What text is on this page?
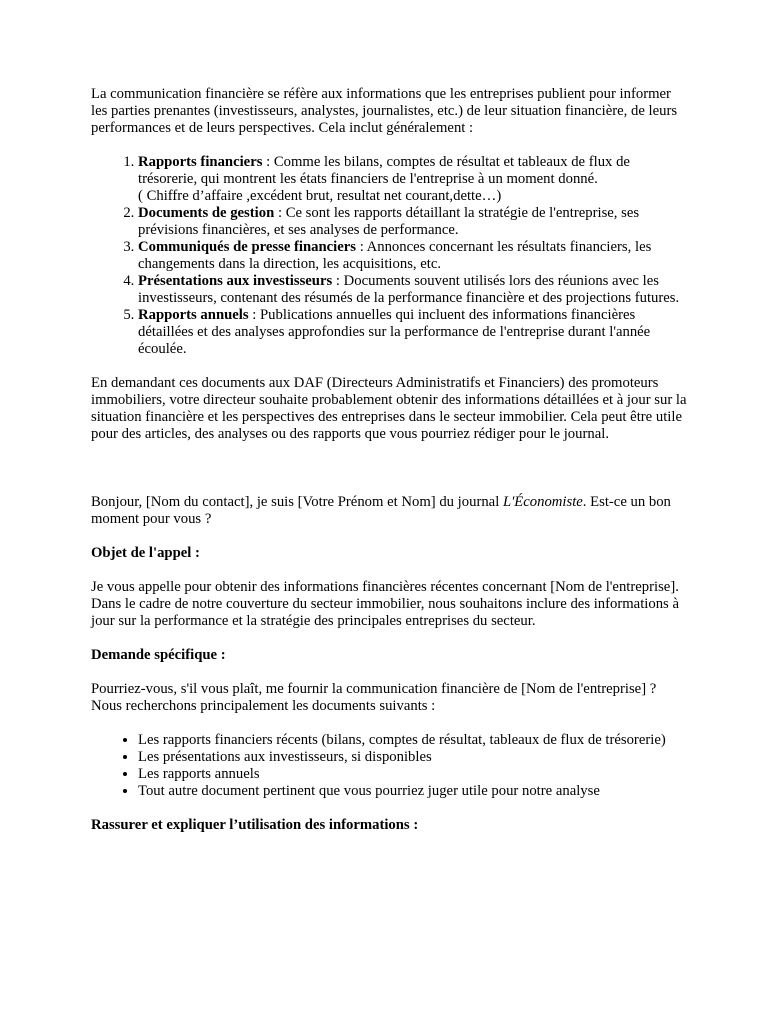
La communication financière se réfère aux informations que les entreprises publient pour informer les parties prenantes (investisseurs, analystes, journalistes, etc.) de leur situation financière, de leurs performances et de leurs perspectives. Cela inclut généralement :

1. Rapports financiers : Comme les bilans, comptes de résultat et tableaux de flux de trésorerie, qui montrent les états financiers de l'entreprise à un moment donné.
( Chiffre d’affaire ,excédent brut, resultat net courant,dette…)
2. Documents de gestion : Ce sont les rapports détaillant la stratégie de l'entreprise, ses prévisions financières, et ses analyses de performance.
3. Communiqués de presse financiers : Annonces concernant les résultats financiers, les changements dans la direction, les acquisitions, etc.
4. Présentations aux investisseurs : Documents souvent utilisés lors des réunions avec les investisseurs, contenant des résumés de la performance financière et des projections futures.
5. Rapports annuels : Publications annuelles qui incluent des informations financières détaillées et des analyses approfondies sur la performance de l'entreprise durant l'année écoulée.

En demandant ces documents aux DAF (Directeurs Administratifs et Financiers) des promoteurs immobiliers, votre directeur souhaite probablement obtenir des informations détaillées et à jour sur la situation financière et les perspectives des entreprises dans le secteur immobilier. Cela peut être utile pour des articles, des analyses ou des rapports que vous pourriez rédiger pour le journal.

Bonjour, [Nom du contact], je suis [Votre Prénom et Nom] du journal L'Économiste. Est-ce un bon moment pour vous ?

Objet de l'appel :

Je vous appelle pour obtenir des informations financières récentes concernant [Nom de l'entreprise]. Dans le cadre de notre couverture du secteur immobilier, nous souhaitons inclure des informations à jour sur la performance et la stratégie des principales entreprises du secteur.

Demande spécifique :

Pourriez-vous, s'il vous plaît, me fournir la communication financière de [Nom de l'entreprise] ? Nous recherchons principalement les documents suivants :

• Les rapports financiers récents (bilans, comptes de résultat, tableaux de flux de trésorerie)
• Les présentations aux investisseurs, si disponibles
• Les rapports annuels
• Tout autre document pertinent que vous pourriez juger utile pour notre analyse

Rassurer et expliquer l’utilisation des informations :
